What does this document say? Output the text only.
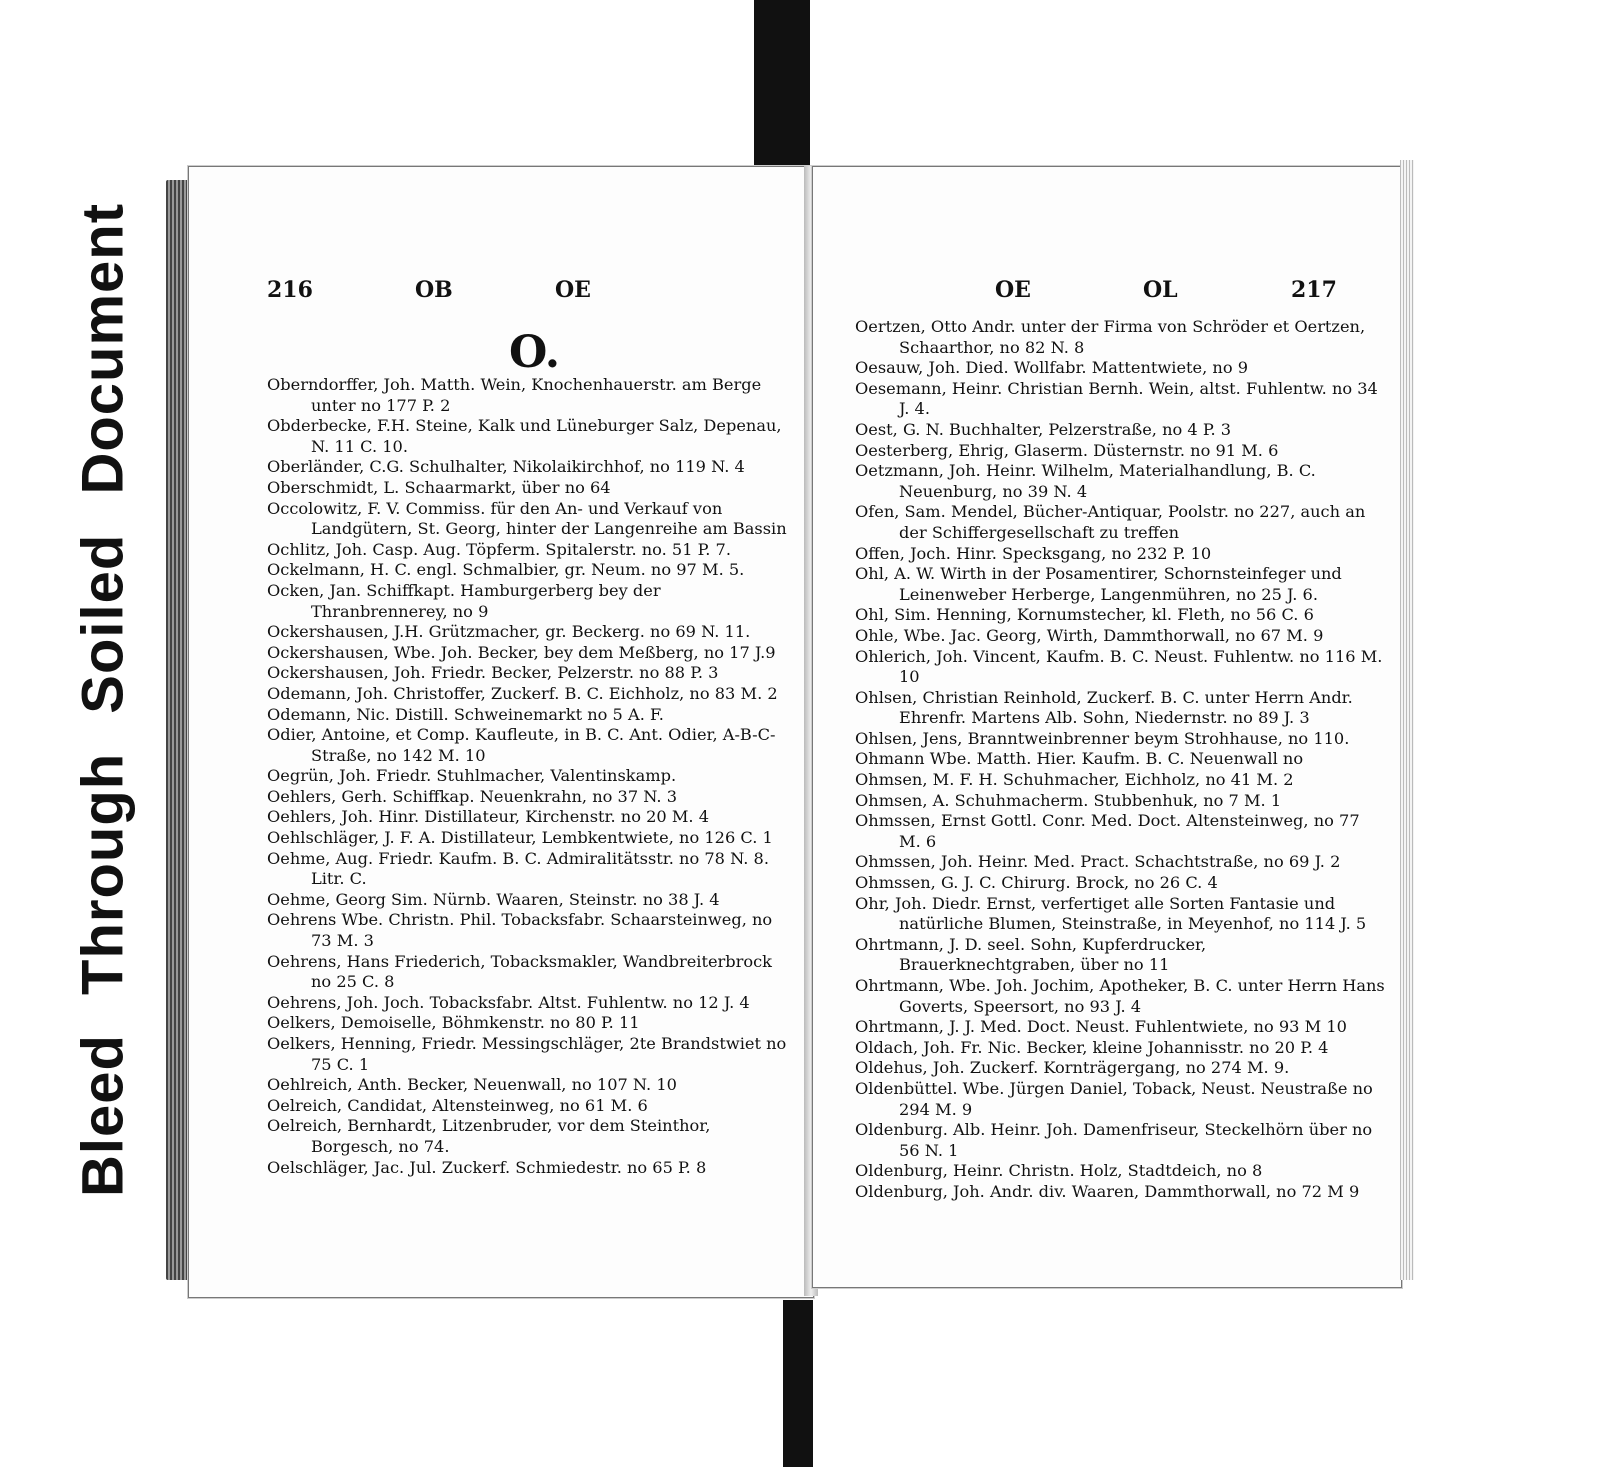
Bleed Through Soiled Document	216	OB	OE
O.

Oberndorffer, Joh. Matth. Wein, Knochenhauerstr. am Berge unter no 177 P. 2

Obderbecke, F.H. Steine, Kalk und Lüneburger Salz, Depenau, N. 11 C. 10.

Oberländer, C.G. Schulhalter, Nikolaikirchhof, no 119 N. 4

Oberschmidt, L. Schaarmarkt, über no 64

Occolowitz, F. V. Commiss. für den An- und Verkauf von Landgütern, St. Georg, hinter der Langenreihe am Bassin

Ochlitz, Joh. Casp. Aug. Töpferm. Spitalerstr. no. 51 P. 7.

Ockelmann, H. C. engl. Schmalbier, gr. Neum. no 97 M. 5.

Ocken, Jan. Schiffkapt. Hamburgerberg bey der Thranbrennerey, no 9

Ockershausen, J.H. Grützmacher, gr. Beckerg. no 69 N. 11.

Ockershausen, Wbe. Joh. Becker, bey dem Meßberg, no 17 J.9

Ockershausen, Joh. Friedr. Becker, Pelzerstr. no 88 P. 3

Odemann, Joh. Christoffer, Zuckerf. B. C. Eichholz, no 83 M. 2

Odemann, Nic. Distill. Schweinemarkt no 5 A. F.

Odier, Antoine, et Comp. Kaufleute, in B. C. Ant. Odier, A-B-C-Straße, no 142 M. 10

Oegrün, Joh. Friedr. Stuhlmacher, Valentinskamp.

Oehlers, Gerh. Schiffkap. Neuenkrahn, no 37 N. 3

Oehlers, Joh. Hinr. Distillateur, Kirchenstr. no 20 M. 4

Oehlschläger, J. F. A. Distillateur, Lembkentwiete, no 126 C. 1

Oehme, Aug. Friedr. Kaufm. B. C. Admiralitätsstr. no 78 N. 8. Litr. C.

Oehme, Georg Sim. Nürnb. Waaren, Steinstr. no 38 J. 4

Oehrens Wbe. Christn. Phil. Tobacksfabr. Schaarsteinweg, no 73 M. 3

Oehrens, Hans Friederich, Tobacksmakler, Wandbreiterbrock no 25 C. 8

Oehrens, Joh. Joch. Tobacksfabr. Altst. Fuhlentw. no 12 J. 4

Oelkers, Demoiselle, Böhmkenstr. no 80 P. 11

Oelkers, Henning, Friedr. Messingschläger, 2te Brandstwiet no 75 C. 1

Oehlreich, Anth. Becker, Neuenwall, no 107 N. 10

Oelreich, Candidat, Altensteinweg, no 61 M. 6

Oelreich, Bernhardt, Litzenbruder, vor dem Steinthor, Borgesch, no 74.

Oelschläger, Jac. Jul. Zuckerf. Schmiedestr. no 65 P. 8

OE	OL	217

Oertzen, Otto Andr. unter der Firma von Schröder et Oertzen, Schaarthor, no 82 N. 8

Oesauw, Joh. Died. Wollfabr. Mattentwiete, no 9

Oesemann, Heinr. Christian Bernh. Wein, altst. Fuhlentw. no 34 J. 4.

Oest, G. N. Buchhalter, Pelzerstraße, no 4 P. 3

Oesterberg, Ehrig, Glaserm. Düsternstr. no 91 M. 6

Oetzmann, Joh. Heinr. Wilhelm, Materialhandlung, B. C. Neuenburg, no 39 N. 4

Ofen, Sam. Mendel, Bücher-Antiquar, Poolstr. no 227, auch an der Schiffergesellschaft zu treffen

Offen, Joch. Hinr. Specksgang, no 232 P. 10

Ohl, A. W. Wirth in der Posamentirer, Schornsteinfeger und Leinenweber Herberge, Langenmühren, no 25 J. 6.

Ohl, Sim. Henning, Kornumstecher, kl. Fleth, no 56 C. 6

Ohle, Wbe. Jac. Georg, Wirth, Dammthorwall, no 67 M. 9

Ohlerich, Joh. Vincent, Kaufm. B. C. Neust. Fuhlentw. no 116 M. 10

Ohlsen, Christian Reinhold, Zuckerf. B. C. unter Herrn Andr. Ehrenfr. Martens Alb. Sohn, Niedernstr. no 89 J. 3

Ohlsen, Jens, Branntweinbrenner beym Strohhause, no 110.

Ohmann Wbe. Matth. Hier. Kaufm. B. C. Neuenwall no

Ohmsen, M. F. H. Schuhmacher, Eichholz, no 41 M. 2

Ohmsen, A. Schuhmacherm. Stubbenhuk, no 7 M. 1

Ohmssen, Ernst Gottl. Conr. Med. Doct. Altensteinweg, no 77 M. 6

Ohmssen, Joh. Heinr. Med. Pract. Schachtstraße, no 69 J. 2

Ohmssen, G. J. C. Chirurg. Brock, no 26 C. 4

Ohr, Joh. Diedr. Ernst, verfertiget alle Sorten Fantasie und natürliche Blumen, Steinstraße, in Meyenhof, no 114 J. 5

Ohrtmann, J. D. seel. Sohn, Kupferdrucker, Brauerknechtgraben, über no 11

Ohrtmann, Wbe. Joh. Jochim, Apotheker, B. C. unter Herrn Hans Goverts, Speersort, no 93 J. 4

Ohrtmann, J. J. Med. Doct. Neust. Fuhlentwiete, no 93 M 10

Oldach, Joh. Fr. Nic. Becker, kleine Johannisstr. no 20 P. 4

Oldehus, Joh. Zuckerf. Kornträgergang, no 274 M. 9.

Oldenbüttel. Wbe. Jürgen Daniel, Toback, Neust. Neustraße no 294 M. 9

Oldenburg. Alb. Heinr. Joh. Damenfriseur, Steckelhörn über no 56 N. 1

Oldenburg, Heinr. Christn. Holz, Stadtdeich, no 8

Oldenburg, Joh. Andr. div. Waaren, Dammthorwall, no 72 M 9
